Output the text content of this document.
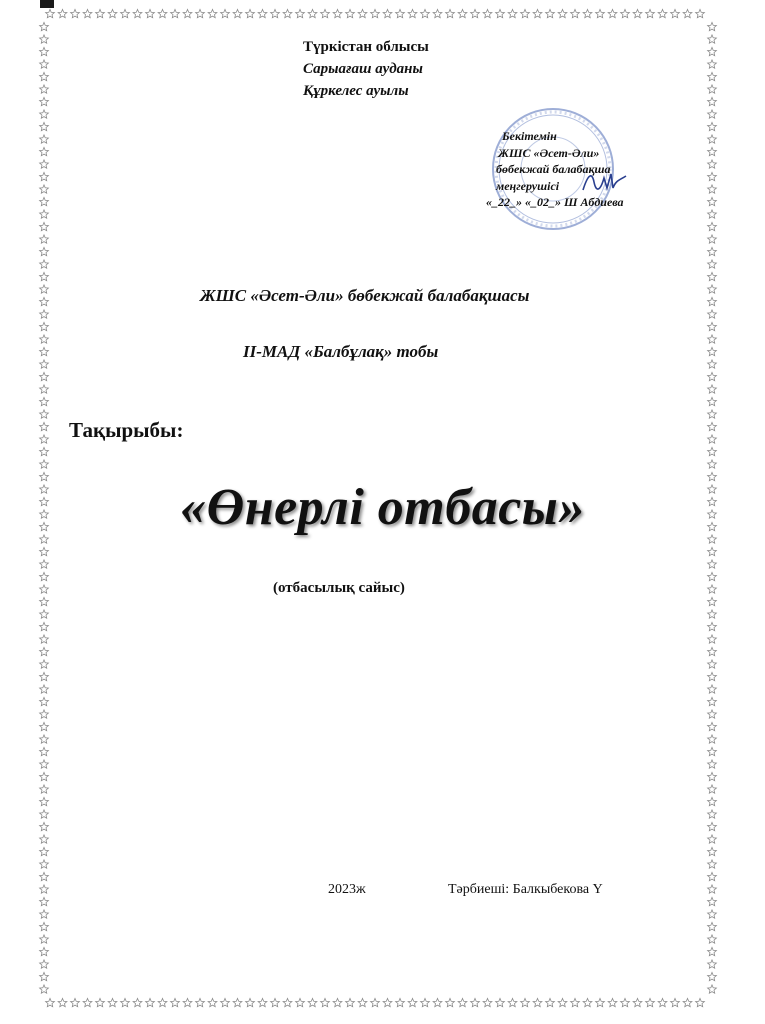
Түркістан облысы
Сарыағаш ауданы
Құркелес ауылы
Бекітемін
ЖШС «Әсет-Әли»
бөбекжай балабақша
меңгерушісі
«_22_» «_02_» Ш Абдиева
ЖШС «Әсет-Әли» бөбекжай балабақшасы
ІІ-МАД «Балбұлақ» тобы
Тақырыбы:
«Өнерлі отбасы»
(отбасылық сайыс)
2023ж	Тәрбиеші: Балкыбекова Ү
